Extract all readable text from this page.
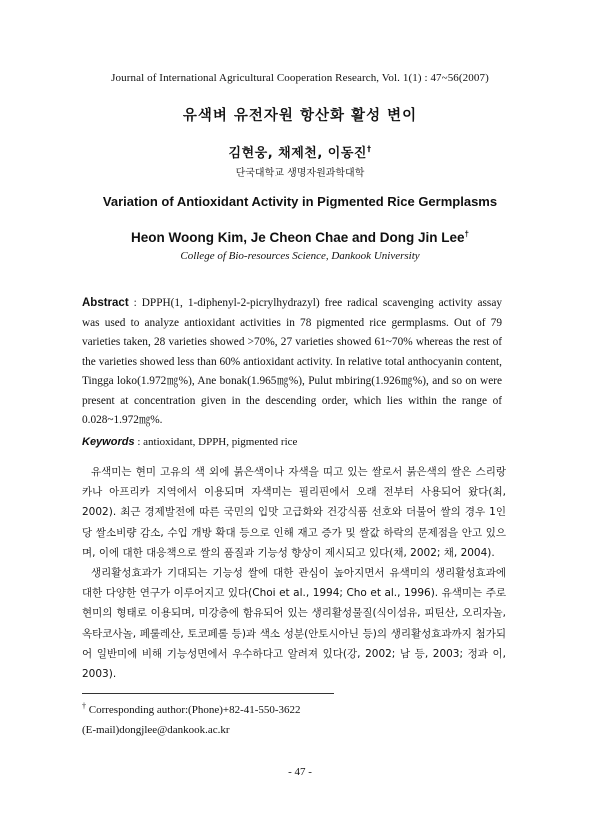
Journal of International Agricultural Cooperation Research, Vol. 1(1) : 47~56(2007)
유색벼 유전자원 항산화 활성 변이
김현웅, 채제천, 이동진†
단국대학교 생명자원과학대학
Variation of Antioxidant Activity in Pigmented Rice Germplasms
Heon Woong Kim, Je Cheon Chae and Dong Jin Lee†
College of Bio-resources Science, Dankook University
Abstract : DPPH(1, 1-diphenyl-2-picrylhydrazyl) free radical scavenging activity assay was used to analyze antioxidant activities in 78 pigmented rice germplasms. Out of 79 varieties taken, 28 varieties showed >70%, 27 varieties showed 61~70% whereas the rest of the varieties showed less than 60% antioxidant activity. In relative total anthocyanin content, Tingga loko(1.972㎎%), Ane bonak(1.965㎎%), Pulut mbiring(1.926㎎%), and so on were present at concentration given in the descending order, which lies within the range of 0.028~1.972㎎%.
Keywords : antioxidant, DPPH, pigmented rice

유색미는 현미 고유의 색 외에 붉은색이나 자색을 띠고 있는 쌀로서 붉은색의 쌀은 스리랑카나 아프리카 지역에서 이용되며 자색미는 필리핀에서 오래 전부터 사용되어 왔다(최, 2002). 최근 경제발전에 따른 국민의 입맛 고급화와 건강식품 선호와 더불어 쌀의 경우 1인당 쌀소비량 감소, 수입 개방 확대 등으로 인해 재고 증가 및 쌀값 하락의 문제점을 안고 있으며, 이에 대한 대응책으로 쌀의 품질과 기능성 향상이 제시되고 있다(채, 2002; 채, 2004).

생리활성효과가 기대되는 기능성 쌀에 대한 관심이 높아지면서 유색미의 생리활성효과에 대한 다양한 연구가 이루어지고 있다(Choi et al., 1994; Cho et al., 1996). 유색미는 주로 현미의 형태로 이용되며, 미강층에 함유되어 있는 생리활성물질(식이섬유, 피틴산, 오리자놀, 옥타코사놀, 페룰레산, 토코페롤 등)과 색소 성분(안토시아닌 등)의 생리활성효과까지 첨가되어 일반미에 비해 기능성면에서 우수하다고 알려져 있다(강, 2002; 남 등, 2003; 정과 이, 2003).

† Corresponding author:(Phone)+82-41-550-3622
(E-mail)dongjlee@dankook.ac.kr
- 47 -
